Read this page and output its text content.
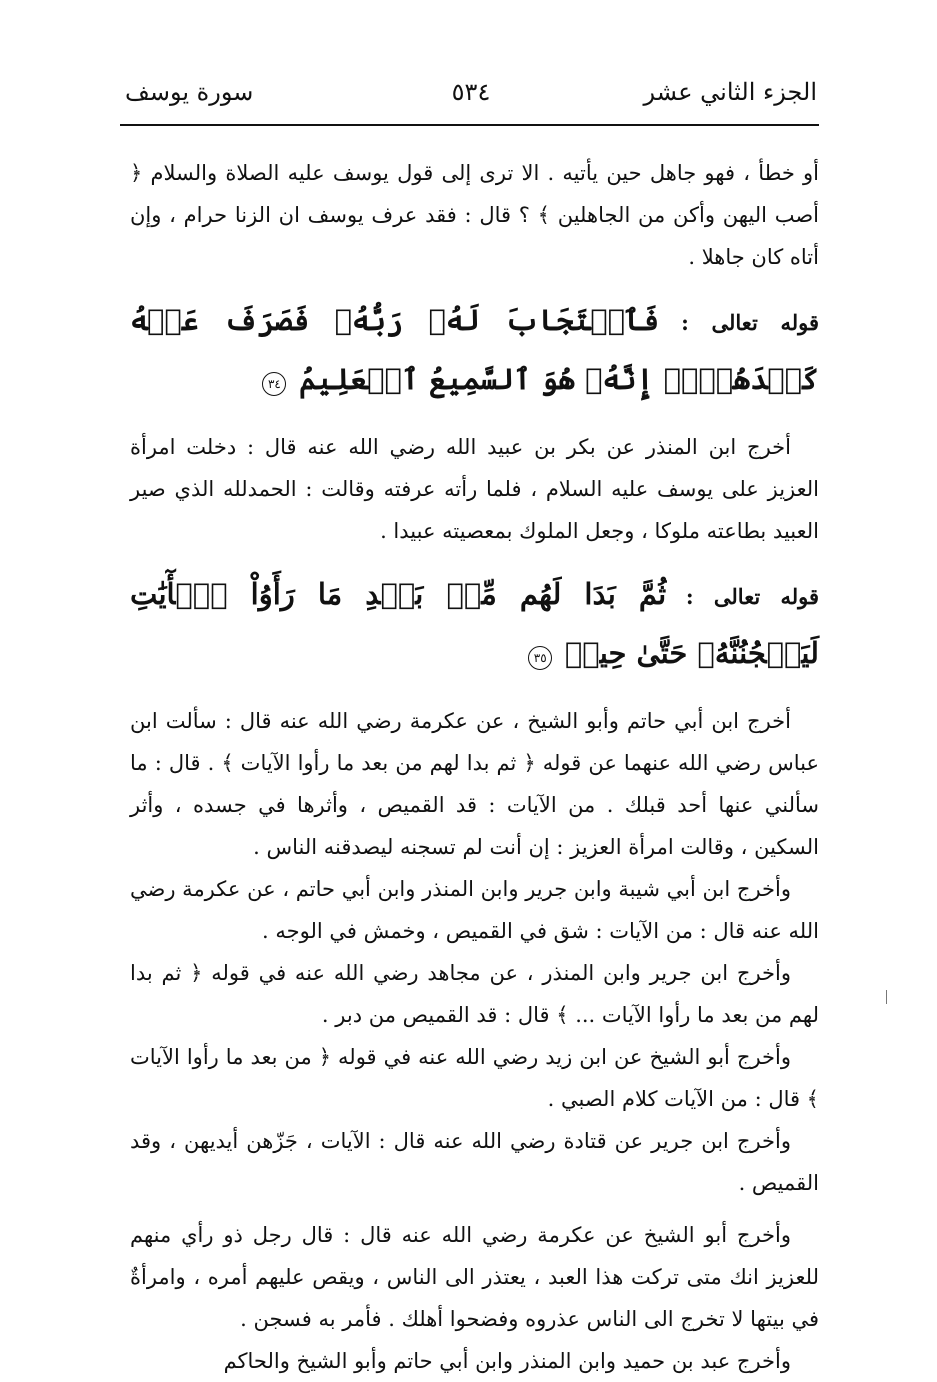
الجزء الثاني عشر
٥٣٤
سورة يوسف

أو خطأ ، فهو جاهل حين يأتيه . الا ترى إلى قول يوسف عليه الصلاة والسلام ﴿ أصب اليهن وأكن من الجاهلين ﴾ ؟ قال : فقد عرف يوسف ان الزنا حرام ، وإن أتاه كان جاهلا .

قوله تعالى : فَٱسۡتَجَابَ لَهُۥ رَبُّهُۥ فَصَرَفَ عَنۡهُ كَيۡدَهُنَّۚ إِنَّهُۥ هُوَ ٱلسَّمِيعُ ٱلۡعَلِيمُ ٣٤

أخرج ابن المنذر عن بكر بن عبيد الله رضي الله عنه قال : دخلت امرأة العزيز على يوسف عليه السلام ، فلما رأته عرفته وقالت : الحمدلله الذي صير العبيد بطاعته ملوكا ، وجعل الملوك بمعصيته عبيدا .

قوله تعالى : ثُمَّ بَدَا لَهُم مِّنۢ بَعۡدِ مَا رَأَوُاْ ٱلۡأٓيَٰتِ لَيَسۡجُنُنَّهُۥ حَتَّىٰ حِينٖ ٣٥

أخرج ابن أبي حاتم وأبو الشيخ ، عن عكرمة رضي الله عنه قال : سألت ابن عباس رضي الله عنهما عن قوله ﴿ ثم بدا لهم من بعد ما رأوا الآيات ﴾ . قال : ما سألني عنها أحد قبلك . من الآيات : قد القميص ، وأثرها في جسده ، وأثر السكين ، وقالت امرأة العزيز : إن أنت لم تسجنه ليصدقنه الناس .

وأخرج ابن أبي شيبة وابن جرير وابن المنذر وابن أبي حاتم ، عن عكرمة رضي الله عنه قال : من الآيات : شق في القميص ، وخمش في الوجه .

وأخرج ابن جرير وابن المنذر ، عن مجاهد رضي الله عنه في قوله ﴿ ثم بدا لهم من بعد ما رأوا الآيات ... ﴾ قال : قد القميص من دبر .

وأخرج أبو الشيخ عن ابن زيد رضي الله عنه في قوله ﴿ من بعد ما رأوا الآيات ﴾ قال : من الآيات كلام الصبي .

وأخرج ابن جرير عن قتادة رضي الله عنه قال : الآيات ، جَزّهن أيديهن ، وقد القميص .

وأخرج أبو الشيخ عن عكرمة رضي الله عنه قال : قال رجل ذو رأي منهم للعزيز انك متى تركت هذا العبد ، يعتذر الى الناس ، ويقص عليهم أمره ، وامرأةٌ في بيتها لا تخرج الى الناس عذروه وفضحوا أهلك . فأمر به فسجن .

وأخرج عبد بن حميد وابن المنذر وابن أبي حاتم وأبو الشيخ والحاكم
